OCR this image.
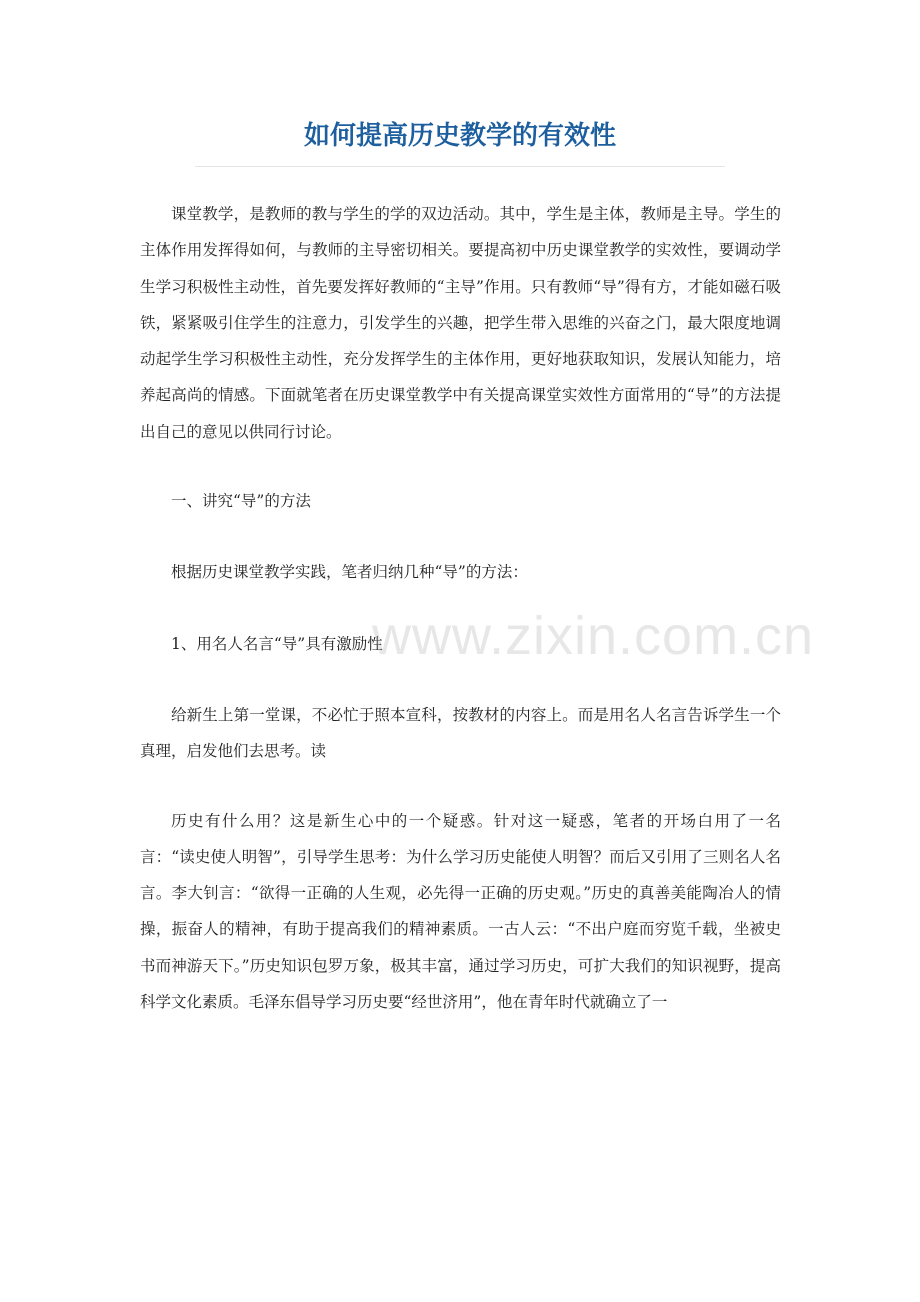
如何提高历史教学的有效性

课堂教学，是教师的教与学生的学的双边活动。其中，学生是主体，教师是主导。学生的主体作用发挥得如何，与教师的主导密切相关。要提高初中历史课堂教学的实效性，要调动学生学习积极性主动性，首先要发挥好教师的“主导”作用。只有教师“导”得有方，才能如磁石吸铁，紧紧吸引住学生的注意力，引发学生的兴趣，把学生带入思维的兴奋之门，最大限度地调动起学生学习积极性主动性，充分发挥学生的主体作用，更好地获取知识，发展认知能力，培养起高尚的情感。下面就笔者在历史课堂教学中有关提高课堂实效性方面常用的“导”的方法提出自己的意见以供同行讨论。

一、讲究“导”的方法

根据历史课堂教学实践，笔者归纳几种“导”的方法：

1、用名人名言“导”具有激励性

给新生上第一堂课，不必忙于照本宣科，按教材的内容上。而是用名人名言告诉学生一个真理，启发他们去思考。读

历史有什么用？这是新生心中的一个疑惑。针对这一疑惑，笔者的开场白用了一名言：“读史使人明智”，引导学生思考：为什么学习历史能使人明智？而后又引用了三则名人名言。李大钊言：“欲得一正确的人生观，必先得一正确的历史观。”历史的真善美能陶冶人的情操，振奋人的精神，有助于提高我们的精神素质。一古人云：“不出户庭而穷览千载，坐被史书而神游天下。”历史知识包罗万象，极其丰富，通过学习历史，可扩大我们的知识视野，提高科学文化素质。毛泽东倡导学习历史要“经世济用”，他在青年时代就确立了一

www.zixin.com.cn
